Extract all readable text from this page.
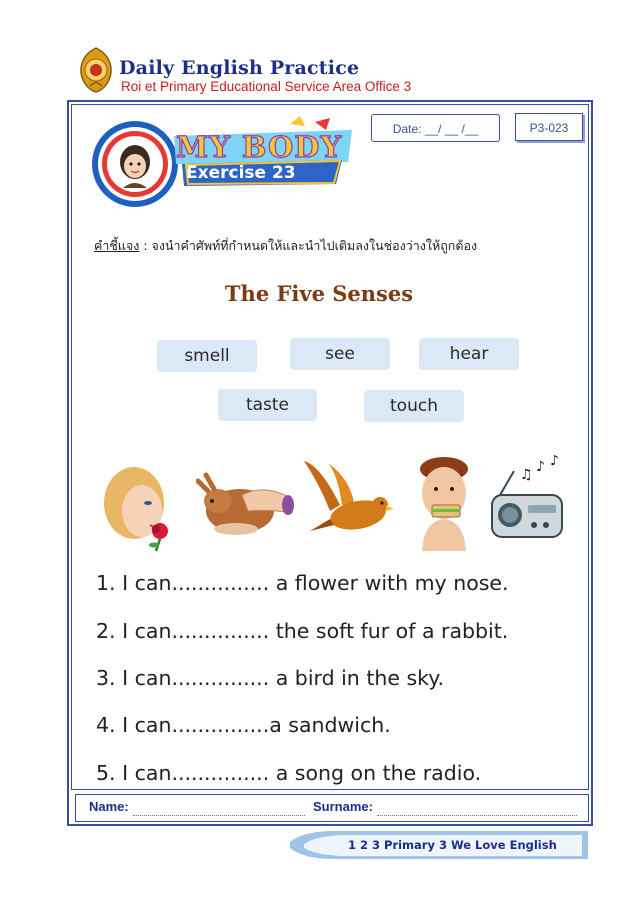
Daily English Practice
Roi et Primary Educational Service Area Office 3
Date: __/ __ /__	P3-023
MY BODY
Exercise 23
คำชี้แจง : จงนำคำศัพท์ที่กำหนดให้และนำไปเติมลงในช่องว่างให้ถูกต้อง
The Five Senses
smell	see	hear
taste	touch
♫ ♪ ♪
1. I can............... a flower with my nose.
2. I can............... the soft fur of a rabbit.
3. I can............... a bird in the sky.
4. I can...............a sandwich.
5. I can............... a song on the radio.
Name:	Surname:
1 2 3 Primary 3 We Love English
